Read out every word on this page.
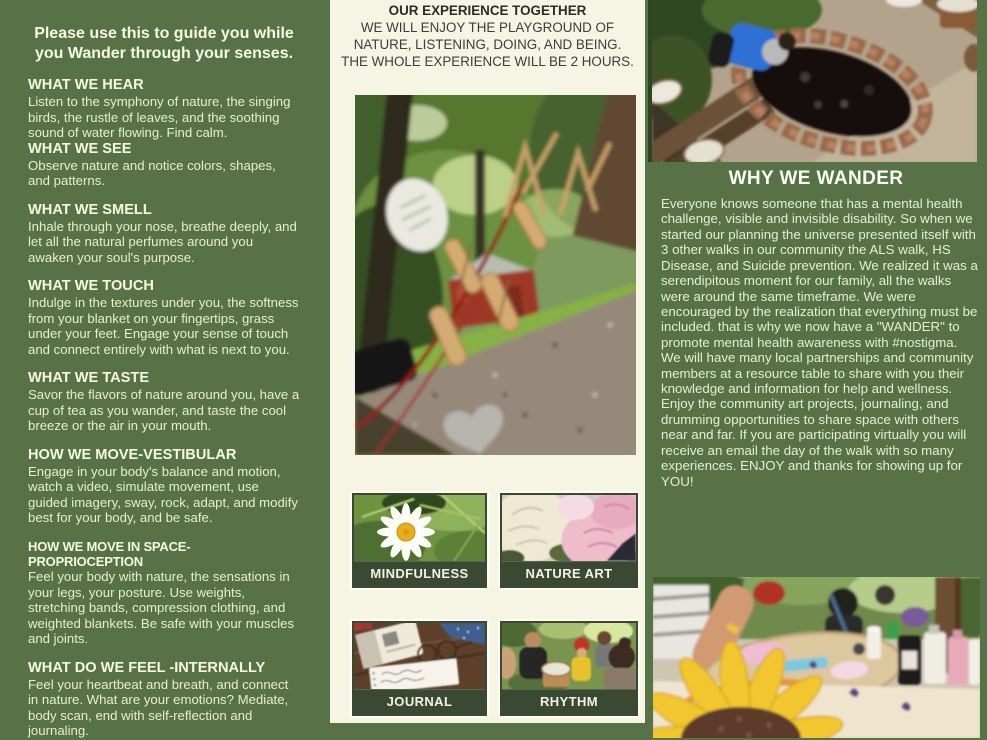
Please use this to guide you while you Wander through your senses.

WHAT WE HEAR

Listen to the symphony of nature, the singing birds, the rustle of leaves, and the soothing sound of water flowing. Find calm.

WHAT WE SEE

Observe nature and notice colors, shapes, and patterns.

WHAT WE SMELL

Inhale through your nose, breathe deeply, and let all the natural perfumes around you awaken your soul's purpose.

WHAT WE TOUCH

Indulge in the textures under you, the softness from your blanket on your fingertips, grass under your feet. Engage your sense of touch and connect entirely with what is next to you.

WHAT WE TASTE

Savor the flavors of nature around you, have a cup of tea as you wander, and taste the cool breeze or the air in your mouth.

HOW WE MOVE-VESTIBULAR

Engage in your body's balance and motion, watch a video, simulate movement, use guided imagery, sway, rock, adapt, and modify best for your body, and be safe.

HOW WE MOVE IN SPACE-PROPRIOCEPTION

Feel your body with nature, the sensations in your legs, your posture. Use weights, stretching bands, compression clothing, and weighted blankets. Be safe with your muscles and joints.

WHAT DO WE FEEL -INTERNALLY

Feel your heartbeat and breath, and connect in nature. What are your emotions? Mediate, body scan, end with self-reflection and journaling.

OUR EXPERIENCE TOGETHER

WE WILL ENJOY THE PLAYGROUND OF NATURE, LISTENING, DOING, AND BEING. THE WHOLE EXPERIENCE WILL BE 2 HOURS.

MINDFULNESS	NATURE ART
JOURNAL	RHYTHM

WHY WE WANDER

Everyone knows someone that has a mental health challenge, visible and invisible disability. So when we started our planning the universe presented itself with 3 other walks in our community the ALS walk, HS Disease, and Suicide prevention. We realized it was a serendipitous moment for our family, all the walks were around the same timeframe. We were encouraged by the realization that everything must be included. that is why we now have a "WANDER" to promote mental health awareness with #nostigma.

We will have many local partnerships and community members at a resource table to share with you their knowledge and information for help and wellness.

Enjoy the community art projects, journaling, and drumming opportunities to share space with others near and far. If you are participating virtually you will receive an email the day of the walk with so many experiences. ENJOY and thanks for showing up for YOU!
